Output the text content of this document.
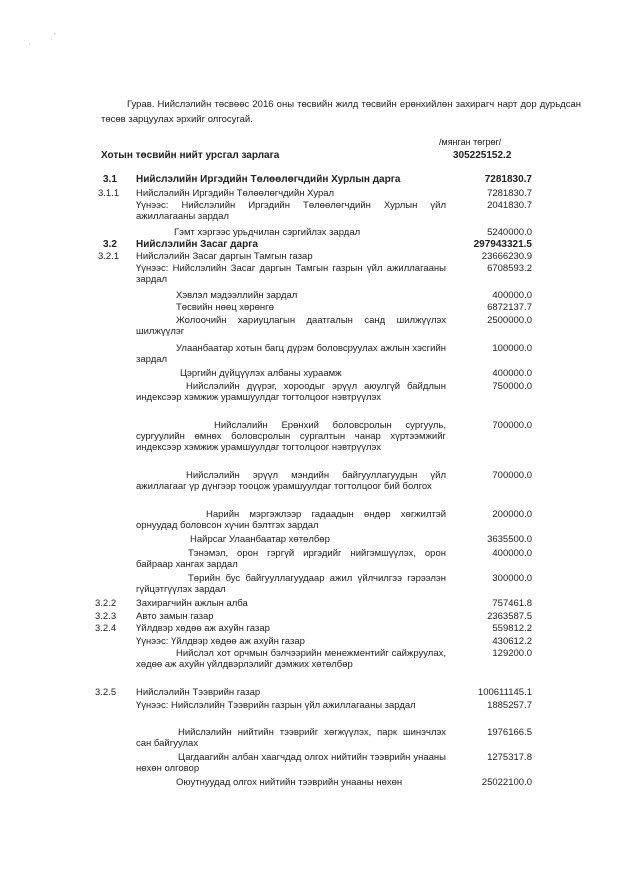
˙ ·
ˏ ′
Гурав. Нийслэлийн төсвөөс 2016 оны төсвийн жилд төсвийн ерөнхийлөн захирагч нарт дор дурьдсан төсөв зарцуулах эрхийг олгосугай.
/мянган төгрөг/
Хотын төсвийн нийт урсгал зарлага	305225152.2
3.1 Нийслэлийн Иргэдийн Төлөөлөгчдийн Хурлын дарга	7281830.7
3.1.1 Нийслэлийн Иргэдийн Төлөөлөгчдийн Хурал	7281830.7
Үүнээс: Нийслэлийн Иргэдийн Төлөөлөгчдийн Хурлын үйл ажиллагааны зардал
2041830.7
Гэмт хэргээс урьдчилан сэргийлэх зардал	5240000.0
3.2 Нийслэлийн Засаг дарга	297943321.5
3.2.1 Нийслэлийн Засаг даргын Тамгын газар	23666230.9
Үүнээс: Нийслэлийн Засаг даргын Тамгын газрын үйл ажиллагааны зардал
6708593.2
Хэвлэл мэдээллийн зардал	400000.0
Төсвийн нөөц хөрөнгө	6872137.7
Жолоочийн хариуцлагын даатгалын санд шилжүүлэх шилжүүлэг
2500000.0
Улаанбаатар хотын багц дүрэм боловсруулах ажлын хэсгийн зардал
100000.0
Цэргийн дүйцүүлэх албаны хураамж	400000.0
Нийслэлийн дүүрэг, хороодыг эрүүл аюулгүй байдлын индексээр хэмжиж урамшуулдаг тогтолцоог нэвтрүүлэх
750000.0
Нийслэлийн Ерөнхий боловсролын сургууль, сургуулийн өмнөх боловсролын сургалтын чанар хүртээмжийг индексээр хэмжиж урамшуулдаг тогтолцоог нэвтрүүлэх
700000.0
Нийслэлийн эрүүл мэндийн байгууллагуудын үйл ажиллагааг үр дүнгээр тооцож урамшуулдаг тогтолцоог бий болгох
700000.0
Нарийн мэргэжлээр гадаадын өндөр хөгжилтэй орнуудад боловсон хүчин бэлтгэх зардал
200000.0
Найрсаг Улаанбаатар хөтөлбөр	3635500.0
Тэнэмэл, орон гэргүй иргэдийг нийгэмшүүлэх, орон байраар хангах зардал
400000.0
Төрийн бус байгууллагуудаар ажил үйлчилгээ гэрээлэн гүйцэтгүүлэх зардал
300000.0
3.2.2 Захирагчийн ажлын алба	757461.8
3.2.3 Авто замын газар	2363587.5
3.2.4 Үйлдвэр хөдөө аж ахуйн газар	559812.2
Үүнээс: Үйлдвэр хөдөө аж ахуйн газар	430612.2
Нийслэл хот орчмын бэлчээрийн менежментийг сайжруулах, хөдөө аж ахуйн үйлдвэрлэлийг дэмжих хөтөлбөр
129200.0
3.2.5 Нийслэлийн Тээврийн газар	100611145.1
Үүнээс: Нийслэлийн Тээврийн газрын үйл ажиллагааны зардал	1885257.7
Нийслэлийн нийтийн тээврийг хөгжүүлэх, парк шинэчлэх сан байгуулах
1976166.5
Цагдаагийн албан хаагчдад олгох нийтийн тээврийн унааны нөхөн олговор
1275317.8
Оюутнуудад олгох нийтийн тээврийн унааны нөхөн	25022100.0
